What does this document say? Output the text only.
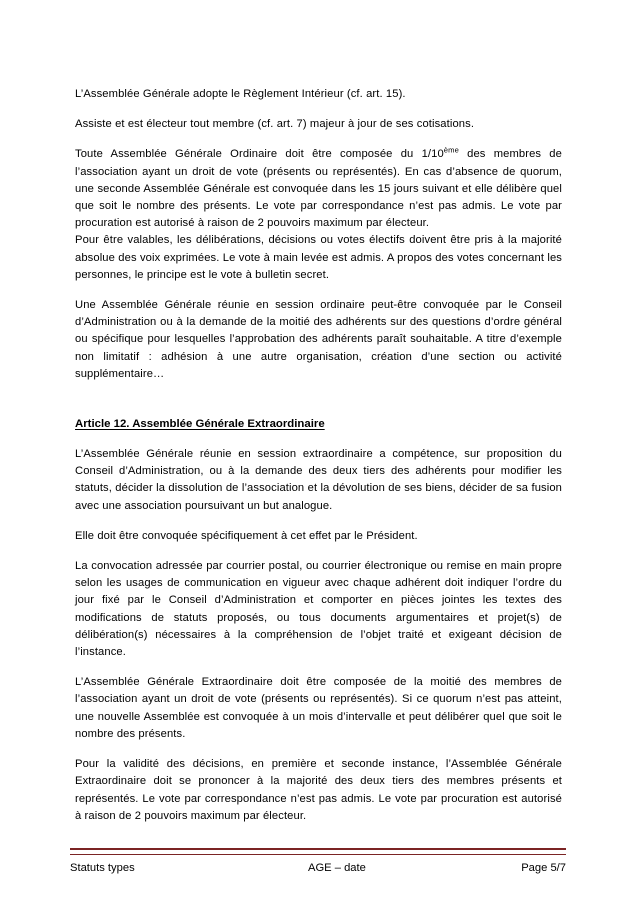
L’Assemblée Générale adopte le Règlement Intérieur (cf. art. 15).

Assiste et est électeur tout membre (cf. art. 7) majeur à jour de ses cotisations.

Toute Assemblée Générale Ordinaire doit être composée du 1/10ème des membres de l’association ayant un droit de vote (présents ou représentés). En cas d’absence de quorum, une seconde Assemblée Générale est convoquée dans les 15 jours suivant et elle délibère quel que soit le nombre des présents. Le vote par correspondance n’est pas admis. Le vote par procuration est autorisé à raison de 2 pouvoirs maximum par électeur.

Pour être valables, les délibérations, décisions ou votes électifs doivent être pris à la majorité absolue des voix exprimées. Le vote à main levée est admis. A propos des votes concernant les personnes, le principe est le vote à bulletin secret.

Une Assemblée Générale réunie en session ordinaire peut-être convoquée par le Conseil d’Administration ou à la demande de la moitié des adhérents sur des questions d’ordre général ou spécifique pour lesquelles l’approbation des adhérents paraît souhaitable. A titre d’exemple non limitatif : adhésion à une autre organisation, création d’une section ou activité supplémentaire…

Article 12. Assemblée Générale Extraordinaire

L’Assemblée Générale réunie en session extraordinaire a compétence, sur proposition du Conseil d’Administration, ou à la demande des deux tiers des adhérents pour modifier les statuts, décider la dissolution de l’association et la dévolution de ses biens, décider de sa fusion avec une association poursuivant un but analogue.

Elle doit être convoquée spécifiquement à cet effet par le Président.

La convocation adressée par courrier postal, ou courrier électronique ou remise en main propre selon les usages de communication en vigueur avec chaque adhérent doit indiquer l’ordre du jour fixé par le Conseil d’Administration et comporter en pièces jointes les textes des modifications de statuts proposés, ou tous documents argumentaires et projet(s) de délibération(s) nécessaires à la compréhension de l’objet traité et exigeant décision de l’instance.

L’Assemblée Générale Extraordinaire doit être composée de la moitié des membres de l’association ayant un droit de vote (présents ou représentés). Si ce quorum n’est pas atteint, une nouvelle Assemblée est convoquée à un mois d’intervalle et peut délibérer quel que soit le nombre des présents.

Pour la validité des décisions, en première et seconde instance, l’Assemblée Générale Extraordinaire doit se prononcer à la majorité des deux tiers des membres présents et représentés. Le vote par correspondance n’est pas admis. Le vote par procuration est autorisé à raison de 2 pouvoirs maximum par électeur.

Statuts types	AGE – date	Page 5/7
